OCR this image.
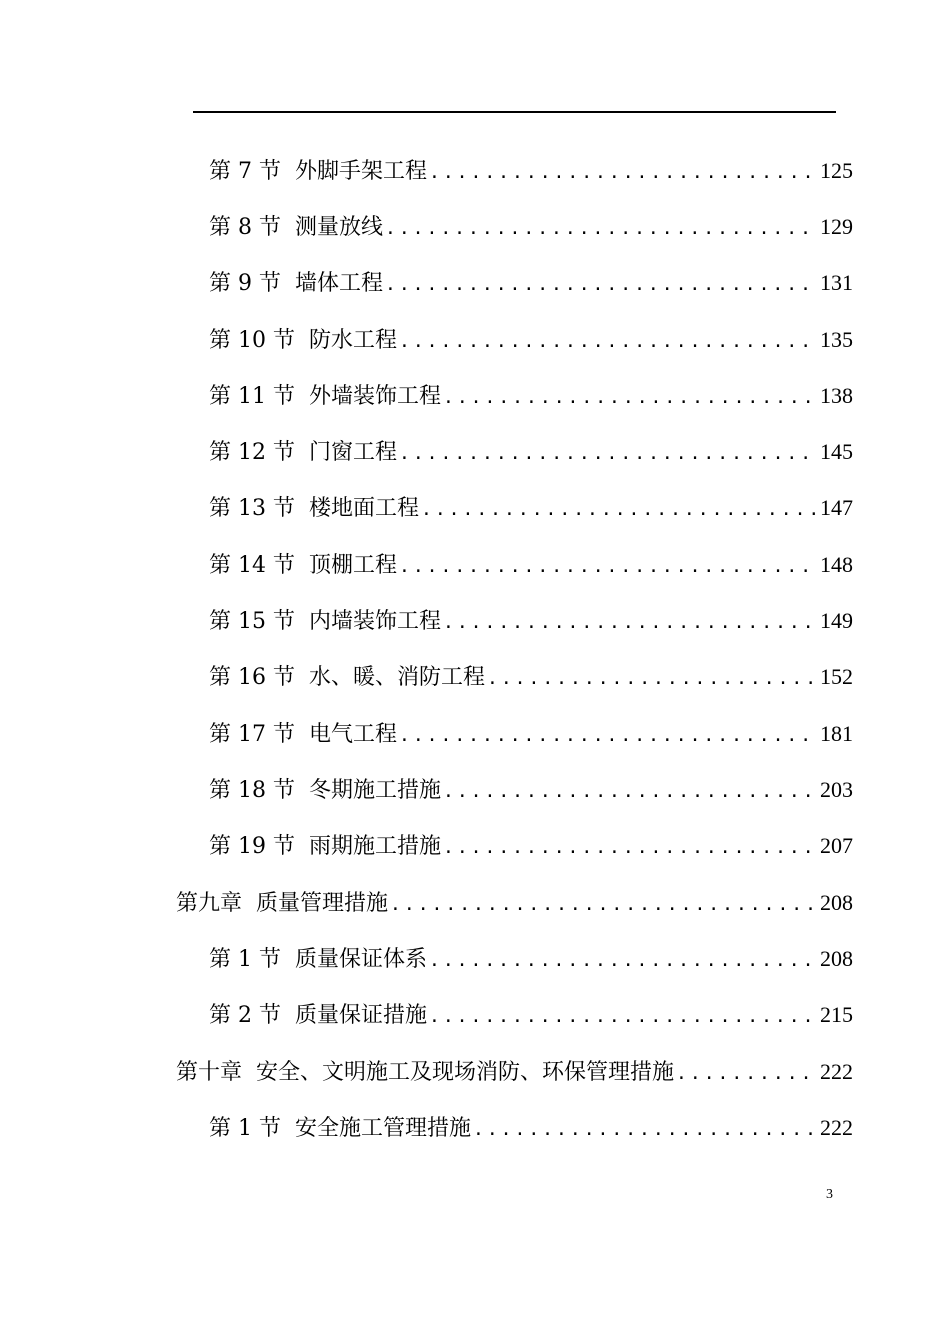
第 7 节 外脚手架工程 .....	125
第 8 节 测量放线 .....	129
第 9 节 墙体工程 .....	131
第 10 节 防水工程 .....	135
第 11 节 外墙装饰工程 .....	138
第 12 节 门窗工程 .....	145
第 13 节 楼地面工程 .....	147
第 14 节 顶棚工程 .....	148
第 15 节 内墙装饰工程 .....	149
第 16 节 水、暖、消防工程 .....	152
第 17 节 电气工程 .....	181
第 18 节 冬期施工措施 .....	203
第 19 节 雨期施工措施 .....	207
第九章 质量管理措施 .....	208
第 1 节 质量保证体系 .....	208
第 2 节 质量保证措施 .....	215
第十章 安全、文明施工及现场消防、环保管理措施 .....	222
第 1 节 安全施工管理措施 .....	222
3
